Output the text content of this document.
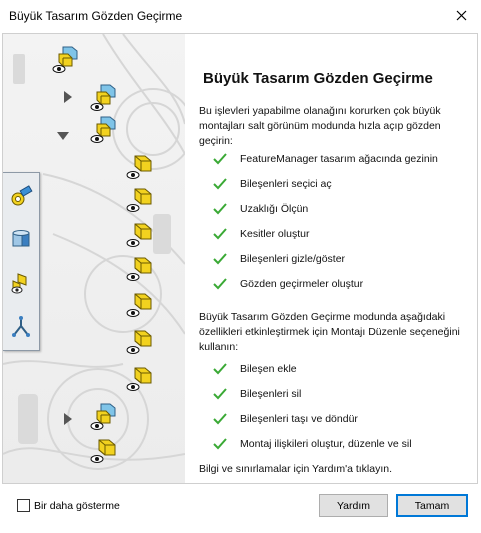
Büyük Tasarım Gözden Geçirme
Büyük Tasarım Gözden Geçirme
Bu işlevleri yapabilme olanağını korurken çok büyük montajları salt görünüm modunda hızla açıp gözden geçirin:
FeatureManager tasarım ağacında gezinin
Bileşenleri seçici aç
Uzaklığı Ölçün
Kesitler oluştur
Bileşenleri gizle/göster
Gözden geçirmeler oluştur
Büyük Tasarım Gözden Geçirme modunda aşağıdaki özellikleri etkinleştirmek için Montajı Düzenle seçeneğini kullanın:
Bileşen ekle
Bileşenleri sil
Bileşenleri taşı ve döndür
Montaj ilişkileri oluştur, düzenle ve sil
Bilgi ve sınırlamalar için Yardım'a tıklayın.
Bir daha gösterme	Yardım	Tamam
